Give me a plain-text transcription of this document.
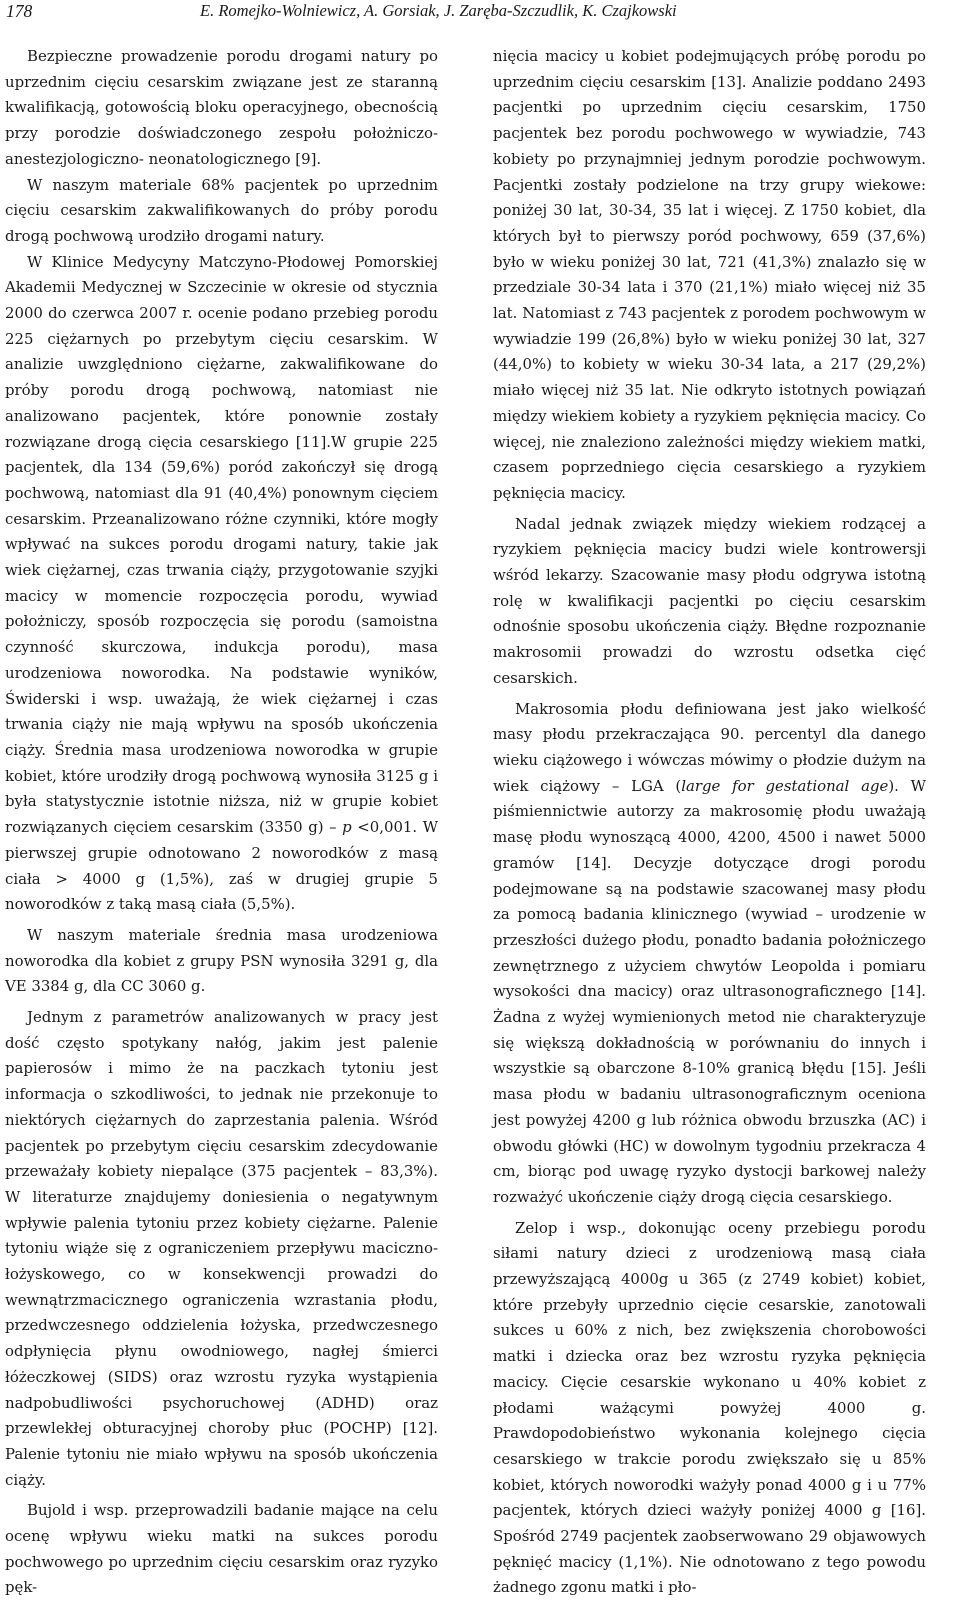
178	E. Romejko-Wolniewicz, A. Gorsiak, J. Zaręba-Szczudlik, K. Czajkowski

Bezpieczne prowadzenie porodu drogami natury po uprzednim cięciu cesarskim związane jest ze staranną kwalifikacją, gotowością bloku operacyjnego, obecnością przy porodzie doświadczonego zespołu położniczo- anestezjologiczno- neonatologicznego [9].

W naszym materiale 68% pacjentek po uprzednim cięciu cesarskim zakwalifikowanych do próby porodu drogą pochwową urodziło drogami natury.

W Klinice Medycyny Matczyno-Płodowej Pomorskiej Akademii Medycznej w Szczecinie w okresie od stycznia 2000 do czerwca 2007 r. ocenie podano przebieg porodu 225 ciężarnych po przebytym cięciu cesarskim. W analizie uwzględniono ciężarne, zakwalifikowane do próby porodu drogą pochwową, natomiast nie analizowano pacjentek, które ponownie zostały rozwiązane drogą cięcia cesarskiego [11].W grupie 225 pacjentek, dla 134 (59,6%) poród zakończył się drogą pochwową, natomiast dla 91 (40,4%) ponownym cięciem cesarskim. Przeanalizowano różne czynniki, które mogły wpływać na sukces porodu drogami natury, takie jak wiek ciężarnej, czas trwania ciąży, przygotowanie szyjki macicy w momencie rozpoczęcia porodu, wywiad położniczy, sposób rozpoczęcia się porodu (samoistna czynność skurczowa, indukcja porodu), masa urodzeniowa noworodka. Na podstawie wyników, Świderski i wsp. uważają, że wiek ciężarnej i czas trwania ciąży nie mają wpływu na sposób ukończenia ciąży. Średnia masa urodzeniowa noworodka w grupie kobiet, które urodziły drogą pochwową wynosiła 3125 g i była statystycznie istotnie niższa, niż w grupie kobiet rozwiązanych cięciem cesarskim (3350 g) – p <0,001. W pierwszej grupie odnotowano 2 noworodków z masą ciała > 4000 g (1,5%), zaś w drugiej grupie 5 noworodków z taką masą ciała (5,5%).

W naszym materiale średnia masa urodzeniowa noworodka dla kobiet z grupy PSN wynosiła 3291 g, dla VE 3384 g, dla CC 3060 g.

Jednym z parametrów analizowanych w pracy jest dość często spotykany nałóg, jakim jest palenie papierosów i mimo że na paczkach tytoniu jest informacja o szkodliwości, to jednak nie przekonuje to niektórych ciężarnych do zaprzestania palenia. Wśród pacjentek po przebytym cięciu cesarskim zdecydowanie przeważały kobiety niepalące (375 pacjentek – 83,3%). W literaturze znajdujemy doniesienia o negatywnym wpływie palenia tytoniu przez kobiety ciężarne. Palenie tytoniu wiąże się z ograniczeniem przepływu maciczno-łożyskowego, co w konsekwencji prowadzi do wewnątrzmacicznego ograniczenia wzrastania płodu, przedwczesnego oddzielenia łożyska, przedwczesnego odpłynięcia płynu owodniowego, nagłej śmierci łóżeczkowej (SIDS) oraz wzrostu ryzyka wystąpienia nadpobudliwości psychoruchowej (ADHD) oraz przewlekłej obturacyjnej choroby płuc (POCHP) [12]. Palenie tytoniu nie miało wpływu na sposób ukończenia ciąży.

Bujold i wsp. przeprowadzili badanie mające na celu ocenę wpływu wieku matki na sukces porodu pochwowego po uprzednim cięciu cesarskim oraz ryzyko pęk-

nięcia macicy u kobiet podejmujących próbę porodu po uprzednim cięciu cesarskim [13]. Analizie poddano 2493 pacjentki po uprzednim cięciu cesarskim, 1750 pacjentek bez porodu pochwowego w wywiadzie, 743 kobiety po przynajmniej jednym porodzie pochwowym. Pacjentki zostały podzielone na trzy grupy wiekowe: poniżej 30 lat, 30-34, 35 lat i więcej. Z 1750 kobiet, dla których był to pierwszy poród pochwowy, 659 (37,6%) było w wieku poniżej 30 lat, 721 (41,3%) znalazło się w przedziale 30-34 lata i 370 (21,1%) miało więcej niż 35 lat. Natomiast z 743 pacjentek z porodem pochwowym w wywiadzie 199 (26,8%) było w wieku poniżej 30 lat, 327 (44,0%) to kobiety w wieku 30-34 lata, a 217 (29,2%) miało więcej niż 35 lat. Nie odkryto istotnych powiązań między wiekiem kobiety a ryzykiem pęknięcia macicy. Co więcej, nie znaleziono zależności między wiekiem matki, czasem poprzedniego cięcia cesarskiego a ryzykiem pęknięcia macicy.

Nadal jednak związek między wiekiem rodzącej a ryzykiem pęknięcia macicy budzi wiele kontrowersji wśród lekarzy. Szacowanie masy płodu odgrywa istotną rolę w kwalifikacji pacjentki po cięciu cesarskim odnośnie sposobu ukończenia ciąży. Błędne rozpoznanie makrosomii prowadzi do wzrostu odsetka cięć cesarskich.

Makrosomia płodu definiowana jest jako wielkość masy płodu przekraczająca 90. percentyl dla danego wieku ciążowego i wówczas mówimy o płodzie dużym na wiek ciążowy – LGA (large for gestational age). W piśmiennictwie autorzy za makrosomię płodu uważają masę płodu wynoszącą 4000, 4200, 4500 i nawet 5000 gramów [14]. Decyzje dotyczące drogi porodu podejmowane są na podstawie szacowanej masy płodu za pomocą badania klinicznego (wywiad – urodzenie w przeszłości dużego płodu, ponadto badania położniczego zewnętrznego z użyciem chwytów Leopolda i pomiaru wysokości dna macicy) oraz ultrasonograficznego [14]. Żadna z wyżej wymienionych metod nie charakteryzuje się większą dokładnością w porównaniu do innych i wszystkie są obarczone 8-10% granicą błędu [15]. Jeśli masa płodu w badaniu ultrasonograficznym oceniona jest powyżej 4200 g lub różnica obwodu brzuszka (AC) i obwodu główki (HC) w dowolnym tygodniu przekracza 4 cm, biorąc pod uwagę ryzyko dystocji barkowej należy rozważyć ukończenie ciąży drogą cięcia cesarskiego.

Zelop i wsp., dokonując oceny przebiegu porodu siłami natury dzieci z urodzeniową masą ciała przewyższającą 4000g u 365 (z 2749 kobiet) kobiet, które przebyły uprzednio cięcie cesarskie, zanotowali sukces u 60% z nich, bez zwiększenia chorobowości matki i dziecka oraz bez wzrostu ryzyka pęknięcia macicy. Cięcie cesarskie wykonano u 40% kobiet z płodami ważącymi powyżej 4000 g. Prawdopodobieństwo wykonania kolejnego cięcia cesarskiego w trakcie porodu zwiększało się u 85% kobiet, których noworodki ważyły ponad 4000 g i u 77% pacjentek, których dzieci ważyły poniżej 4000 g [16]. Spośród 2749 pacjentek zaobserwowano 29 objawowych pęknięć macicy (1,1%). Nie odnotowano z tego powodu żadnego zgonu matki i pło-
